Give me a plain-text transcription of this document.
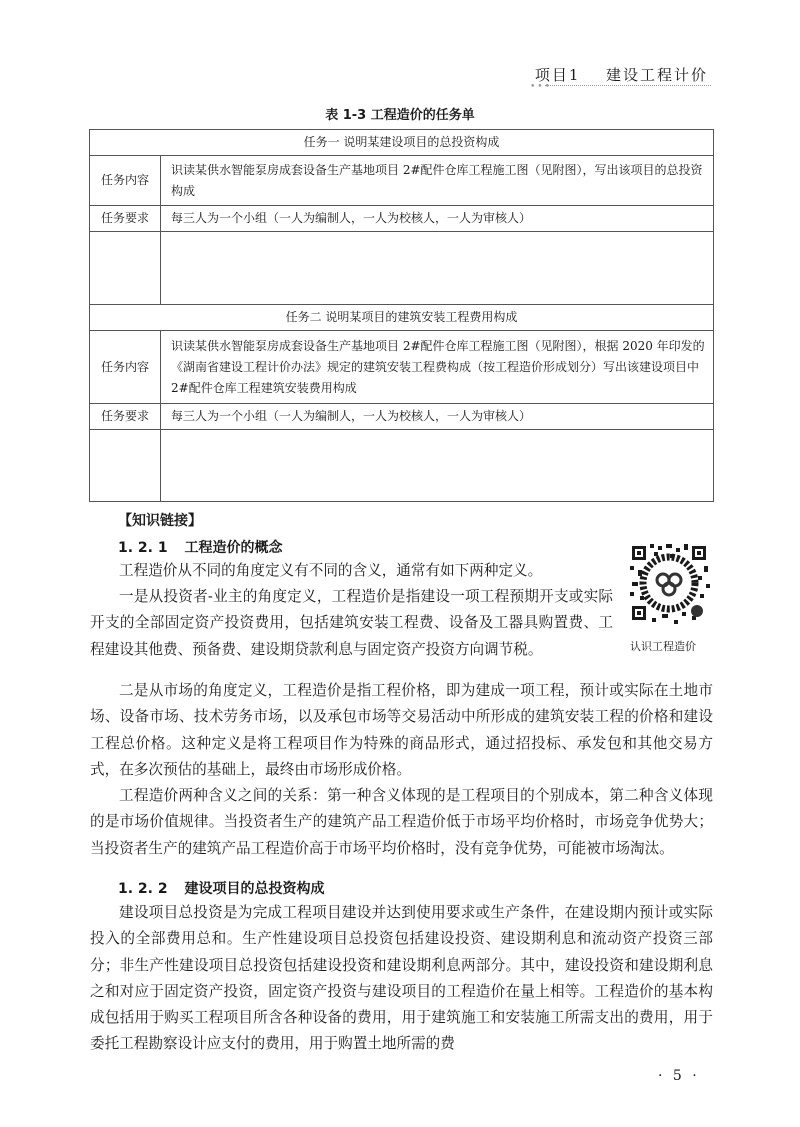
项目1 建设工程计价
•••
表 1-3 工程造价的任务单
任务一 说明某建设项目的总投资构成	
任务内容	识读某供水智能泵房成套设备生产基地项目 2#配件仓库工程施工图（见附图），写出该项目的总投资构成
任务要求	每三人为一个小组（一人为编制人，一人为校核人，一人为审核人）

任务二 说明某项目的建筑安装工程费用构成	
任务内容	识读某供水智能泵房成套设备生产基地项目 2#配件仓库工程施工图（见附图），根据 2020 年印发的《湖南省建设工程计价办法》规定的建筑安装工程费构成（按工程造价形成划分）写出该建设项目中2#配件仓库工程建筑安装费用构成
任务要求	每三人为一个小组（一人为编制人，一人为校核人，一人为审核人）

【知识链接】
1. 2. 1 工程造价的概念
认识工程造价
工程造价从不同的角度定义有不同的含义，通常有如下两种定义。
一是从投资者-业主的角度定义，工程造价是指建设一项工程预期开支或实际开支的全部固定资产投资费用，包括建筑安装工程费、设备及工器具购置费、工程建设其他费、预备费、建设期贷款利息与固定资产投资方向调节税。
二是从市场的角度定义，工程造价是指工程价格，即为建成一项工程，预计或实际在土地市场、设备市场、技术劳务市场，以及承包市场等交易活动中所形成的建筑安装工程的价格和建设工程总价格。这种定义是将工程项目作为特殊的商品形式，通过招投标、承发包和其他交易方式，在多次预估的基础上，最终由市场形成价格。
工程造价两种含义之间的关系：第一种含义体现的是工程项目的个别成本，第二种含义体现的是市场价值规律。当投资者生产的建筑产品工程造价低于市场平均价格时，市场竞争优势大；当投资者生产的建筑产品工程造价高于市场平均价格时，没有竞争优势，可能被市场淘汰。
1. 2. 2 建设项目的总投资构成
建设项目总投资是为完成工程项目建设并达到使用要求或生产条件，在建设期内预计或实际投入的全部费用总和。生产性建设项目总投资包括建设投资、建设期利息和流动资产投资三部分；非生产性建设项目总投资包括建设投资和建设期利息两部分。其中，建设投资和建设期利息之和对应于固定资产投资，固定资产投资与建设项目的工程造价在量上相等。工程造价的基本构成包括用于购买工程项目所含各种设备的费用，用于建筑施工和安装施工所需支出的费用，用于委托工程勘察设计应支付的费用，用于购置土地所需的费
· 5 ·
